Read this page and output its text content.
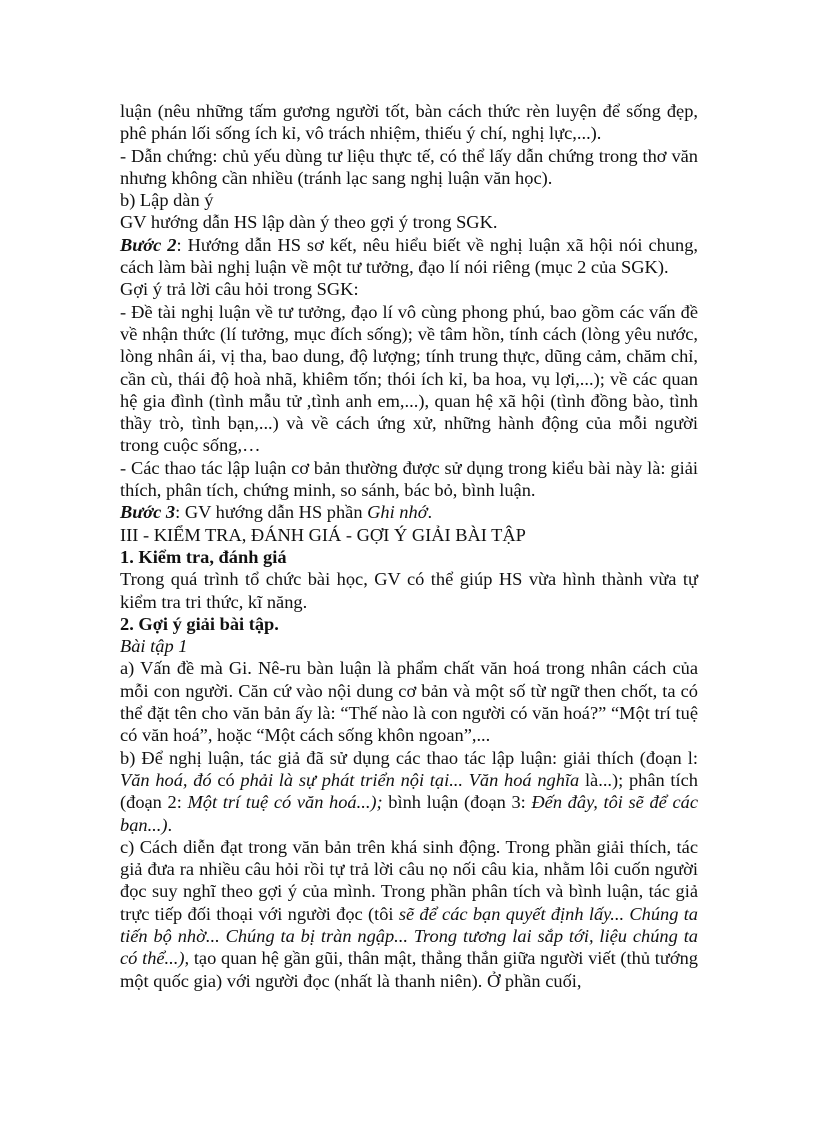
luận (nêu những tấm gương người tốt, bàn cách thức rèn luyện để sống đẹp, phê phán lối sống ích kỉ, vô trách nhiệm, thiếu ý chí, nghị lực,...).

- Dẫn chứng: chủ yếu dùng tư liệu thực tế, có thể lấy dẫn chứng trong thơ văn nhưng không cần nhiều (tránh lạc sang nghị luận văn học).

b) Lập dàn ý

GV hướng dẫn HS lập dàn ý theo gợi ý trong SGK.

Bước 2: Hướng dẫn HS sơ kết, nêu hiểu biết về nghị luận xã hội nói chung, cách làm bài nghị luận về một tư tưởng, đạo lí nói riêng (mục 2 của SGK).

Gợi ý trả lời câu hỏi trong SGK:

- Đề tài nghị luận về tư tưởng, đạo lí vô cùng phong phú, bao gồm các vấn đề về nhận thức (lí tưởng, mục đích sống); về tâm hồn, tính cách (lòng yêu nước, lòng nhân ái, vị tha, bao dung, độ lượng; tính trung thực, dũng cảm, chăm chỉ, cần cù, thái độ hoà nhã, khiêm tốn; thói ích kỉ, ba hoa, vụ lợi,...); về các quan hệ gia đình (tình mẫu tử ,tình anh em,...), quan hệ xã hội (tình đồng bào, tình thầy trò, tình bạn,...) và về cách ứng xử, những hành động của mỗi người trong cuộc sống,…

- Các thao tác lập luận cơ bản thường được sử dụng trong kiểu bài này là: giải thích, phân tích, chứng minh, so sánh, bác bỏ, bình luận.

Bước 3: GV hướng dẫn HS phần Ghi nhớ.

III - KIỂM TRA, ĐÁNH GIÁ - GỢI Ý GIẢI BÀI TẬP

1. Kiểm tra, đánh giá

Trong quá trình tổ chức bài học, GV có thể giúp HS vừa hình thành vừa tự kiểm tra tri thức, kĩ năng.

2. Gợi ý giải bài tập.

Bài tập 1

a) Vấn đề mà Gi. Nê-ru bàn luận là phẩm chất văn hoá trong nhân cách của mỗi con người. Căn cứ vào nội dung cơ bản và một số từ ngữ then chốt, ta có thể đặt tên cho văn bản ấy là: “Thế nào là con người có văn hoá?” “Một trí tuệ có văn hoá”, hoặc “Một cách sống khôn ngoan”,...

b) Để nghị luận, tác giả đã sử dụng các thao tác lập luận: giải thích (đoạn l: Văn hoá, đó có phải là sự phát triển nội tại... Văn hoá nghĩa là...); phân tích (đoạn 2: Một trí tuệ có văn hoá...); bình luận (đoạn 3: Đến đây, tôi sẽ để các bạn...).

c) Cách diễn đạt trong văn bản trên khá sinh động. Trong phần giải thích, tác giả đưa ra nhiều câu hỏi rồi tự trả lời câu nọ nối câu kia, nhằm lôi cuốn người đọc suy nghĩ theo gợi ý của mình. Trong phần phân tích và bình luận, tác giả trực tiếp đối thoại với người đọc (tôi sẽ để các bạn quyết định lấy... Chúng ta tiến bộ nhờ... Chúng ta bị tràn ngập... Trong tương lai sắp tới, liệu chúng ta có thể...), tạo quan hệ gần gũi, thân mật, thẳng thắn giữa người viết (thủ tướng một quốc gia) với người đọc (nhất là thanh niên). Ở phần cuối,
